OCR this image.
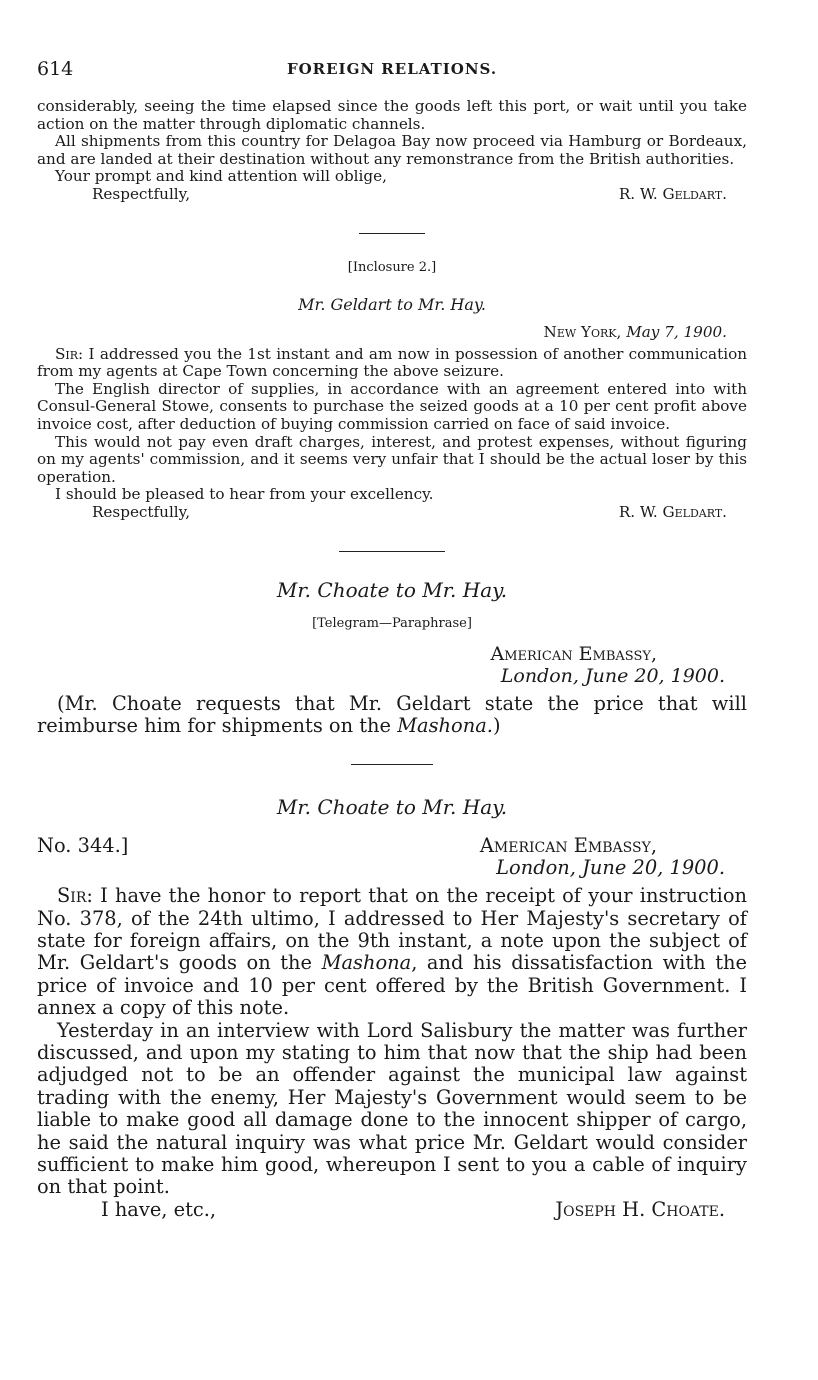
614	FOREIGN RELATIONS.

considerably, seeing the time elapsed since the goods left this port, or wait until you take action on the matter through diplomatic channels.

All shipments from this country for Delagoa Bay now proceed via Hamburg or Bordeaux, and are landed at their destination without any remonstrance from the British authorities.

Your prompt and kind attention will oblige,

Respectfully,	R. W. Geldart.

[Inclosure 2.]

Mr. Geldart to Mr. Hay.

New York, May 7, 1900.

Sir: I addressed you the 1st instant and am now in possession of another communication from my agents at Cape Town concerning the above seizure.

The English director of supplies, in accordance with an agreement entered into with Consul-General Stowe, consents to purchase the seized goods at a 10 per cent profit above invoice cost, after deduction of buying commission carried on face of said invoice.

This would not pay even draft charges, interest, and protest expenses, without figuring on my agents' commission, and it seems very unfair that I should be the actual loser by this operation.

I should be pleased to hear from your excellency.

Respectfully,	R. W. Geldart.

Mr. Choate to Mr. Hay.

[Telegram—Paraphrase]

American Embassy,

London, June 20, 1900.

(Mr. Choate requests that Mr. Geldart state the price that will reimburse him for shipments on the Mashona.)

Mr. Choate to Mr. Hay.

No. 344.]	American Embassy,

London, June 20, 1900.

Sir: I have the honor to report that on the receipt of your instruction No. 378, of the 24th ultimo, I addressed to Her Majesty's secretary of state for foreign affairs, on the 9th instant, a note upon the subject of Mr. Geldart's goods on the Mashona, and his dissatisfaction with the price of invoice and 10 per cent offered by the British Government. I annex a copy of this note.

Yesterday in an interview with Lord Salisbury the matter was further discussed, and upon my stating to him that now that the ship had been adjudged not to be an offender against the municipal law against trading with the enemy, Her Majesty's Government would seem to be liable to make good all damage done to the innocent shipper of cargo, he said the natural inquiry was what price Mr. Geldart would consider sufficient to make him good, whereupon I sent to you a cable of inquiry on that point.

I have, etc.,	Joseph H. Choate.
